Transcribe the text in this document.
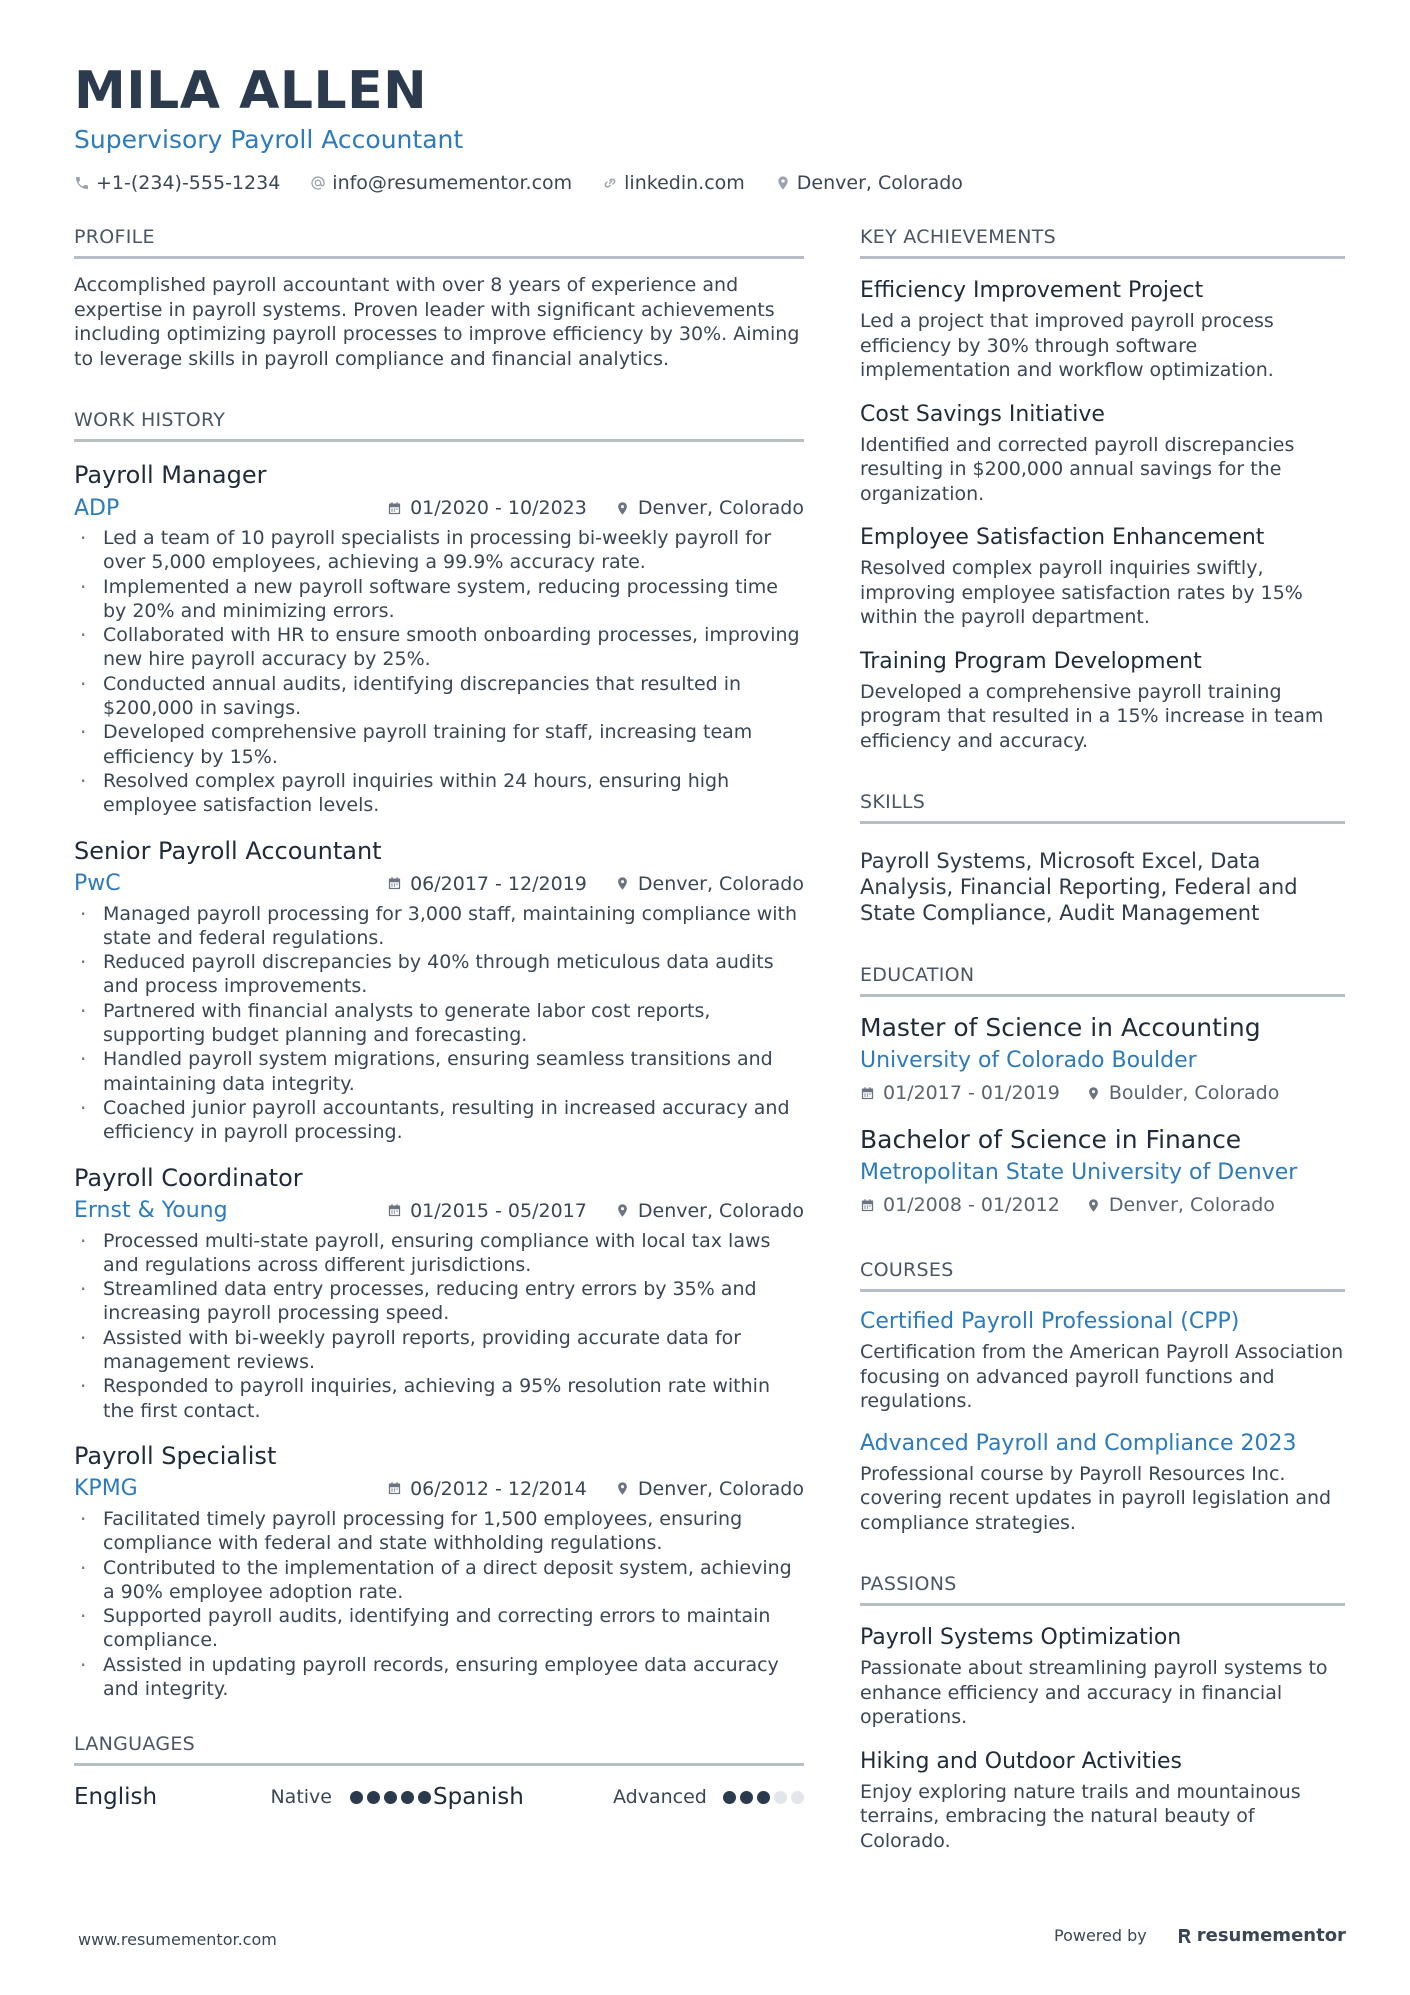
MILA ALLEN
Supervisory Payroll Accountant
+1-(234)-555-1234	info@resumementor.com	linkedin.com	Denver, Colorado
PROFILE
Accomplished payroll accountant with over 8 years of experience and expertise in payroll systems. Proven leader with significant achievements including optimizing payroll processes to improve efficiency by 30%. Aiming to leverage skills in payroll compliance and financial analytics.
WORK HISTORY
Payroll Manager
ADP	01/2020 - 10/2023	Denver, Colorado
· Led a team of 10 payroll specialists in processing bi-weekly payroll for over 5,000 employees, achieving a 99.9% accuracy rate.
· Implemented a new payroll software system, reducing processing time by 20% and minimizing errors.
· Collaborated with HR to ensure smooth onboarding processes, improving new hire payroll accuracy by 25%.
· Conducted annual audits, identifying discrepancies that resulted in $200,000 in savings.
· Developed comprehensive payroll training for staff, increasing team efficiency by 15%.
· Resolved complex payroll inquiries within 24 hours, ensuring high employee satisfaction levels.
Senior Payroll Accountant
PwC	06/2017 - 12/2019	Denver, Colorado
· Managed payroll processing for 3,000 staff, maintaining compliance with state and federal regulations.
· Reduced payroll discrepancies by 40% through meticulous data audits and process improvements.
· Partnered with financial analysts to generate labor cost reports, supporting budget planning and forecasting.
· Handled payroll system migrations, ensuring seamless transitions and maintaining data integrity.
· Coached junior payroll accountants, resulting in increased accuracy and efficiency in payroll processing.
Payroll Coordinator
Ernst & Young	01/2015 - 05/2017	Denver, Colorado
· Processed multi-state payroll, ensuring compliance with local tax laws and regulations across different jurisdictions.
· Streamlined data entry processes, reducing entry errors by 35% and increasing payroll processing speed.
· Assisted with bi-weekly payroll reports, providing accurate data for management reviews.
· Responded to payroll inquiries, achieving a 95% resolution rate within the first contact.
Payroll Specialist
KPMG	06/2012 - 12/2014	Denver, Colorado
· Facilitated timely payroll processing for 1,500 employees, ensuring compliance with federal and state withholding regulations.
· Contributed to the implementation of a direct deposit system, achieving a 90% employee adoption rate.
· Supported payroll audits, identifying and correcting errors to maintain compliance.
· Assisted in updating payroll records, ensuring employee data accuracy and integrity.
LANGUAGES
English	Native	Spanish	Advanced
KEY ACHIEVEMENTS
Efficiency Improvement Project
Led a project that improved payroll process efficiency by 30% through software implementation and workflow optimization.
Cost Savings Initiative
Identified and corrected payroll discrepancies resulting in $200,000 annual savings for the organization.
Employee Satisfaction Enhancement
Resolved complex payroll inquiries swiftly, improving employee satisfaction rates by 15% within the payroll department.
Training Program Development
Developed a comprehensive payroll training program that resulted in a 15% increase in team efficiency and accuracy.
SKILLS
Payroll Systems, Microsoft Excel, Data Analysis, Financial Reporting, Federal and State Compliance, Audit Management
EDUCATION
Master of Science in Accounting
University of Colorado Boulder
01/2017 - 01/2019	Boulder, Colorado
Bachelor of Science in Finance
Metropolitan State University of Denver
01/2008 - 01/2012	Denver, Colorado
COURSES
Certified Payroll Professional (CPP)
Certification from the American Payroll Association focusing on advanced payroll functions and regulations.
Advanced Payroll and Compliance 2023
Professional course by Payroll Resources Inc. covering recent updates in payroll legislation and compliance strategies.
PASSIONS
Payroll Systems Optimization
Passionate about streamlining payroll systems to enhance efficiency and accuracy in financial operations.
Hiking and Outdoor Activities
Enjoy exploring nature trails and mountainous terrains, embracing the natural beauty of Colorado.
www.resumementor.com	Powered by	resumementor
